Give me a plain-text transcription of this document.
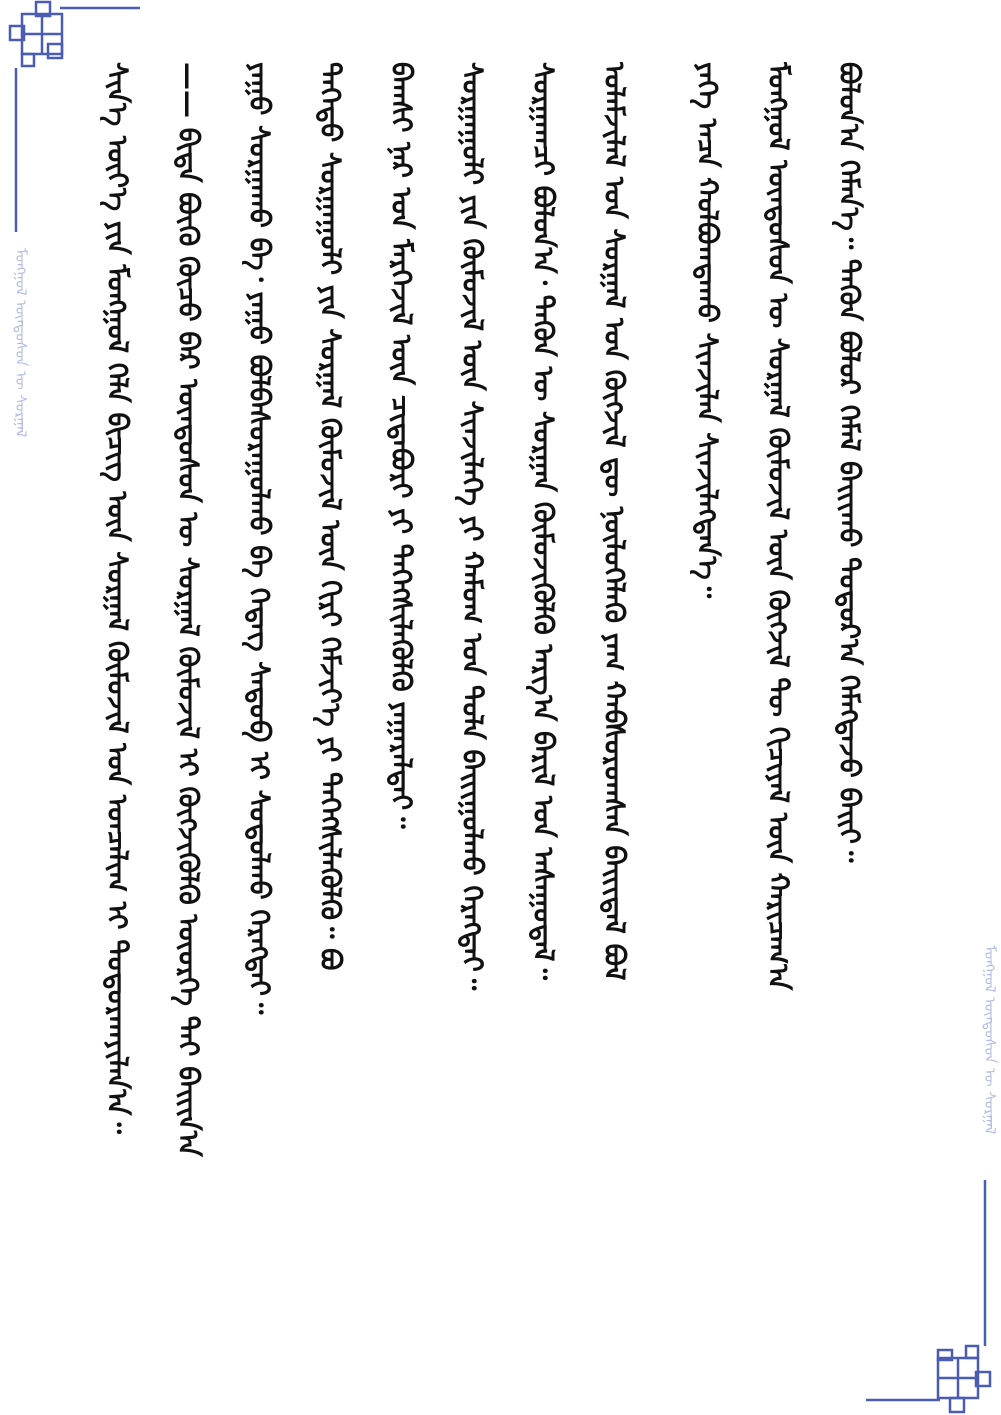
ᠮᠣᠩᠭᠣᠯ ᠦᠨᠳᠦᠰᠦᠨ ᠦ ᠰᠤᠷᠭᠠᠯ
ᠮᠣᠩᠭᠣᠯ ᠦᠨᠳᠦᠰᠦᠨ ᠦ ᠰᠤᠷᠭᠠᠯ
ᠪᠣᠯᠣᠨ᠎ᠠ ᠬᠡᠮᠡᠨ᠎ᠡ᠃ ᠲᠡᠭᠦᠨ ᠪᠣᠯᠣᠷ ᠬᠡᠮᠡᠯ ᠪᠠᠢᠢᠬᠤ ᠳᠣᠲᠣᠷ᠎ᠠ ᠬᠡᠮᠡᠭᠳᠡᠵᠦ ᠪᠠᠢᠢ᠃
ᠮᠣᠩᠭᠣᠯ ᠦᠨᠳᠦᠰᠦᠨ ᠦ ᠰᠤᠷᠭᠠᠯ ᠬᠥᠮᠦᠵᠢᠯ ᠦᠨ ᠬᠥᠭᠵᠢᠯ ᠲᠦ ᠬᠢᠴᠢᠶᠡᠯ ᠦᠨ ᠬᠠᠷᠢᠴᠠᠭ᠎ᠠ
ᠶᠡᠬᠡ ᠠᠴᠠ ᠬᠣᠯᠪᠣᠭᠳᠠᠬᠤ ᠰᠢᠨᠵᠢᠯᠡᠨ ᠰᠢᠨᠵᠢᠯᠡᠭᠳᠡᠨ᠎ᠡ᠃
ᠤᠯᠠᠮᠵᠢᠯᠠᠯ ᠤᠨ ᠰᠤᠷᠭᠠᠯ ᠤᠨ ᠬᠥᠭᠵᠢᠯ ᠳᠦ ᠨᠥᠯᠦᠭᠡᠯᠡᠬᠦ ᠶᠠᠭ ᠬᠠᠪᠰᠤᠷᠤᠭᠰᠠᠨ ᠪᠠᠢᠢᠳᠠᠯ ᠪᠣᠯ
ᠰᠤᠷᠭᠠᠭᠴᠢ ᠪᠣᠯᠣᠨ᠎ᠠ᠂ ᠲᠡᠭᠦᠨ ᠦ ᠰᠤᠷᠭᠠᠨ ᠬᠥᠮᠦᠵᠢᠭᠦᠯᠬᠦ ᠠᠷᠭ᠎ᠠ ᠪᠠᠷᠢᠯ ᠤᠨ ᠠᠰᠠᠭᠤᠳᠠᠯ᠃
ᠰᠤᠷᠭᠠᠭᠤᠯᠢ ᠶᠢᠨ ᠬᠥᠮᠦᠵᠢᠯ ᠦᠨ ᠰᠢᠨᠵᠢᠯᠡᠭᠡ ᠶᠢ ᠬᠠᠮᠤᠭ ᠤᠨ ᠲᠤᠯᠠ ᠪᠠᠢᠢᠭᠤᠯᠬᠤ ᠬᠡᠷᠡᠭᠲᠡᠢ᠃
ᠪᠠᠭᠰᠢ ᠨᠠᠷ ᠤᠨ ᠮᠡᠷᠭᠡᠵᠢᠯ ᠦᠨ ᠴᠢᠳᠠᠪᠤᠷᠢ ᠶᠢ ᠳᠡᠭᠡᠭᠰᠢᠯᠡᠭᠦᠯᠬᠦ ᠶᠠᠭᠠᠷᠠᠯᠲᠠᠢ᠃
ᠳᠡᠭᠡᠳᠦ ᠰᠤᠷᠭᠠᠭᠤᠯᠢ ᠶᠢᠨ ᠰᠤᠷᠭᠠᠯ ᠬᠥᠮᠦᠵᠢᠯ ᠦᠨ ᠬᠢᠷᠢ ᠬᠡᠮᠵᠢᠶ᠎ᠡ ᠶᠢ ᠳᠡᠭᠡᠭᠰᠢᠯᠡᠭᠦᠯᠬᠦ᠃ ᠪᠣ
ᠶᠠᠭᠤ ᠰᠤᠷᠭᠠᠬᠤ ᠪᠡ᠂ ᠶᠠᠭᠤ ᠪᠣᠯᠪᠠᠰᠤᠷᠠᠭᠤᠯᠬᠤ ᠪᠡ ᠭᠡᠳᠡᠭ ᠰᠡᠳᠦᠪ ᠢ ᠰᠤᠳᠤᠯᠬᠤ ᠬᠡᠷᠡᠭᠲᠡᠢ᠃
—— ᠪᠢᠳᠡ ᠪᠦᠬᠦ ᠬᠦᠴᠦ ᠪᠡᠷ ᠦᠨᠳᠦᠰᠦᠨ ᠦ ᠰᠤᠷᠭᠠᠯ ᠬᠥᠮᠦᠵᠢᠯ ᠢ ᠬᠥᠭᠵᠢᠭᠦᠯᠬᠦ ᠦᠦᠷᠭᠡ ᠲᠠᠢ ᠪᠠᠢᠢᠨ᠎ᠠ
ᠰᠢᠨ᠎ᠡ ᠦᠶ᠎ᠡ ᠶᠢᠨ ᠮᠣᠩᠭᠣᠯ ᠬᠡᠯᠡ ᠪᠢᠴᠢᠭ ᠦᠨ ᠰᠤᠷᠭᠠᠯ ᠬᠥᠮᠦᠵᠢᠯ ᠤᠨ ᠣᠨᠴᠠᠯᠢᠭ ᠢ ᠲᠣᠳᠣᠷᠬᠠᠶᠢᠯᠠᠨ᠎ᠠ᠃
